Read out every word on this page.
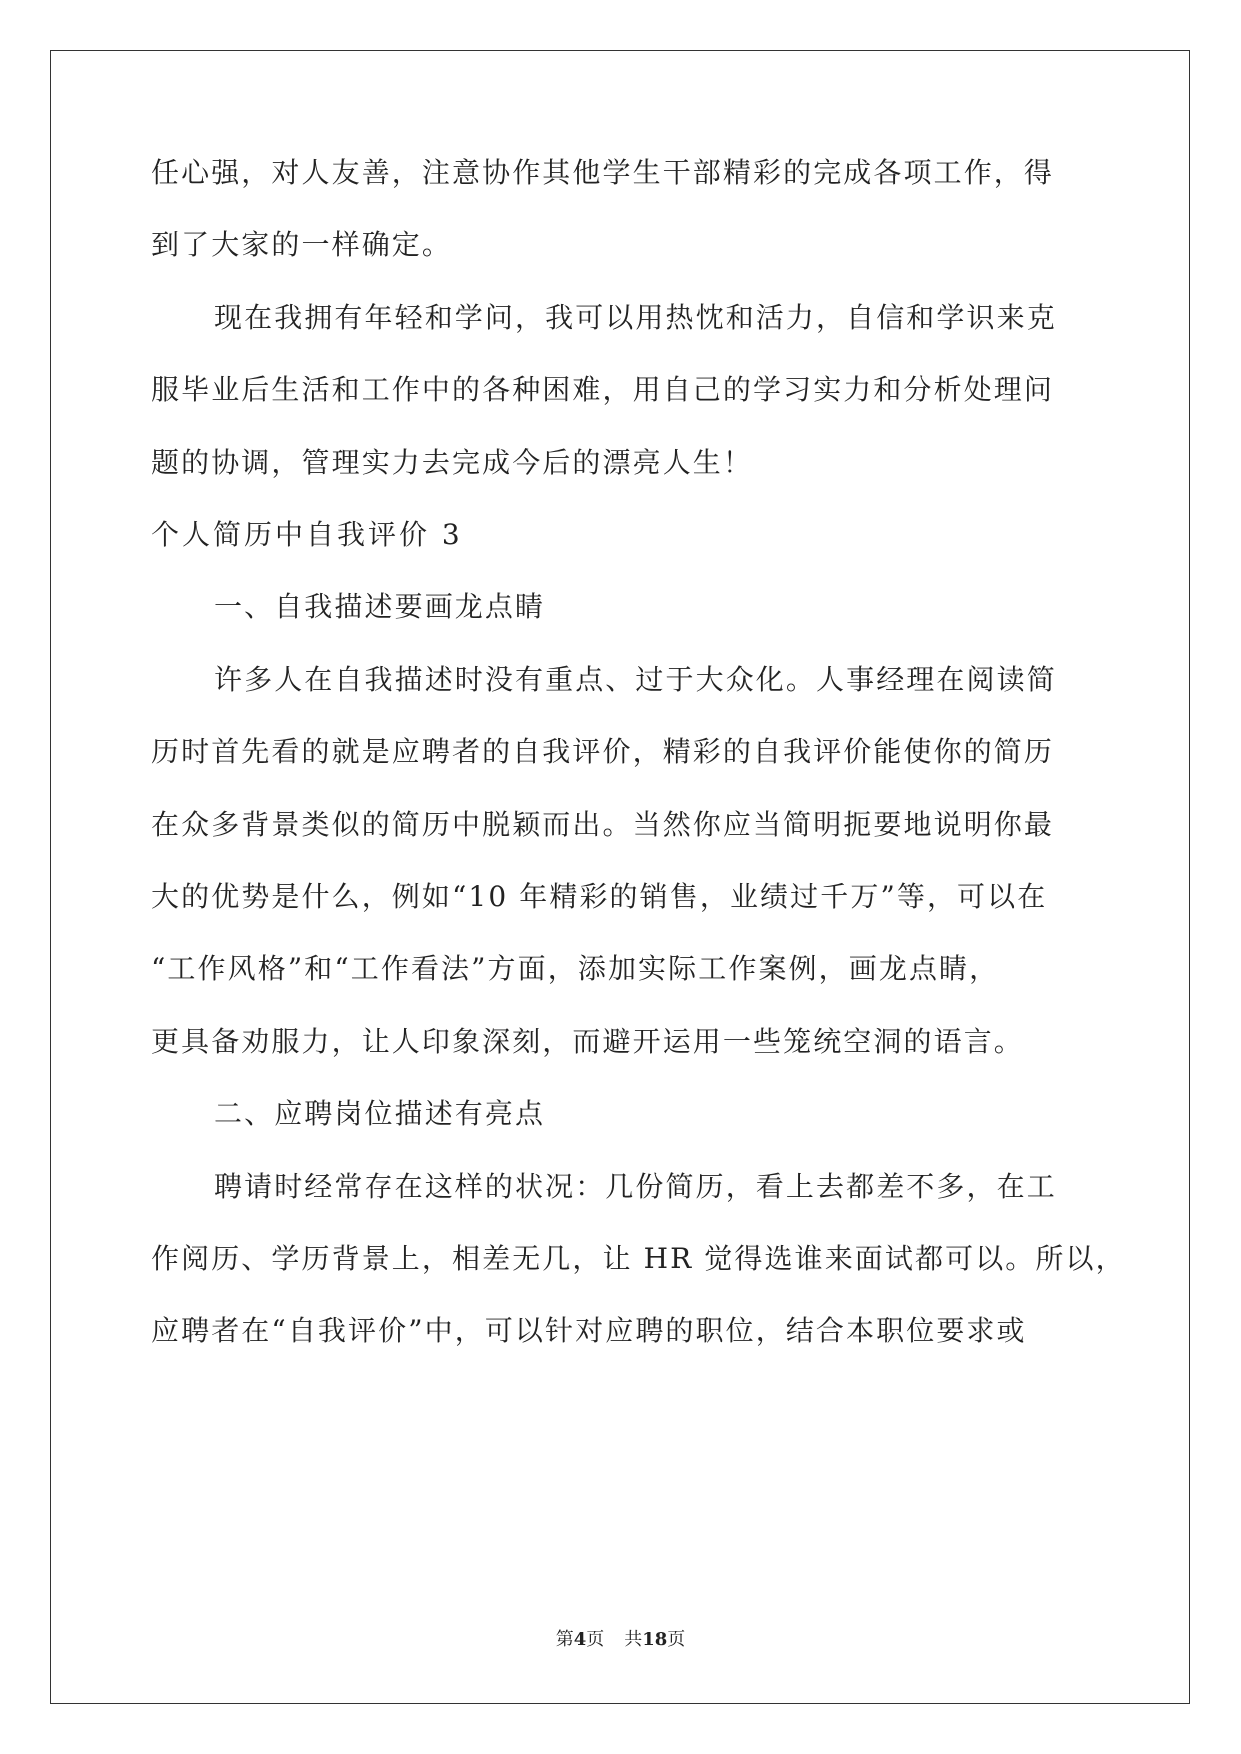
任心强，对人友善，注意协作其他学生干部精彩的完成各项工作，得
到了大家的一样确定。
现在我拥有年轻和学问，我可以用热忱和活力，自信和学识来克
服毕业后生活和工作中的各种困难，用自己的学习实力和分析处理问
题的协调，管理实力去完成今后的漂亮人生！
个人简历中自我评价 3
一、自我描述要画龙点睛
许多人在自我描述时没有重点、过于大众化。人事经理在阅读简
历时首先看的就是应聘者的自我评价，精彩的自我评价能使你的简历
在众多背景类似的简历中脱颖而出。当然你应当简明扼要地说明你最
大的优势是什么，例如“10 年精彩的销售，业绩过千万”等，可以在
“工作风格”和“工作看法”方面，添加实际工作案例，画龙点睛，
更具备劝服力，让人印象深刻，而避开运用一些笼统空洞的语言。
二、应聘岗位描述有亮点
聘请时经常存在这样的状况：几份简历，看上去都差不多，在工
作阅历、学历背景上，相差无几，让 HR 觉得选谁来面试都可以。所以，
应聘者在“自我评价”中，可以针对应聘的职位，结合本职位要求或
第4页 共18页
